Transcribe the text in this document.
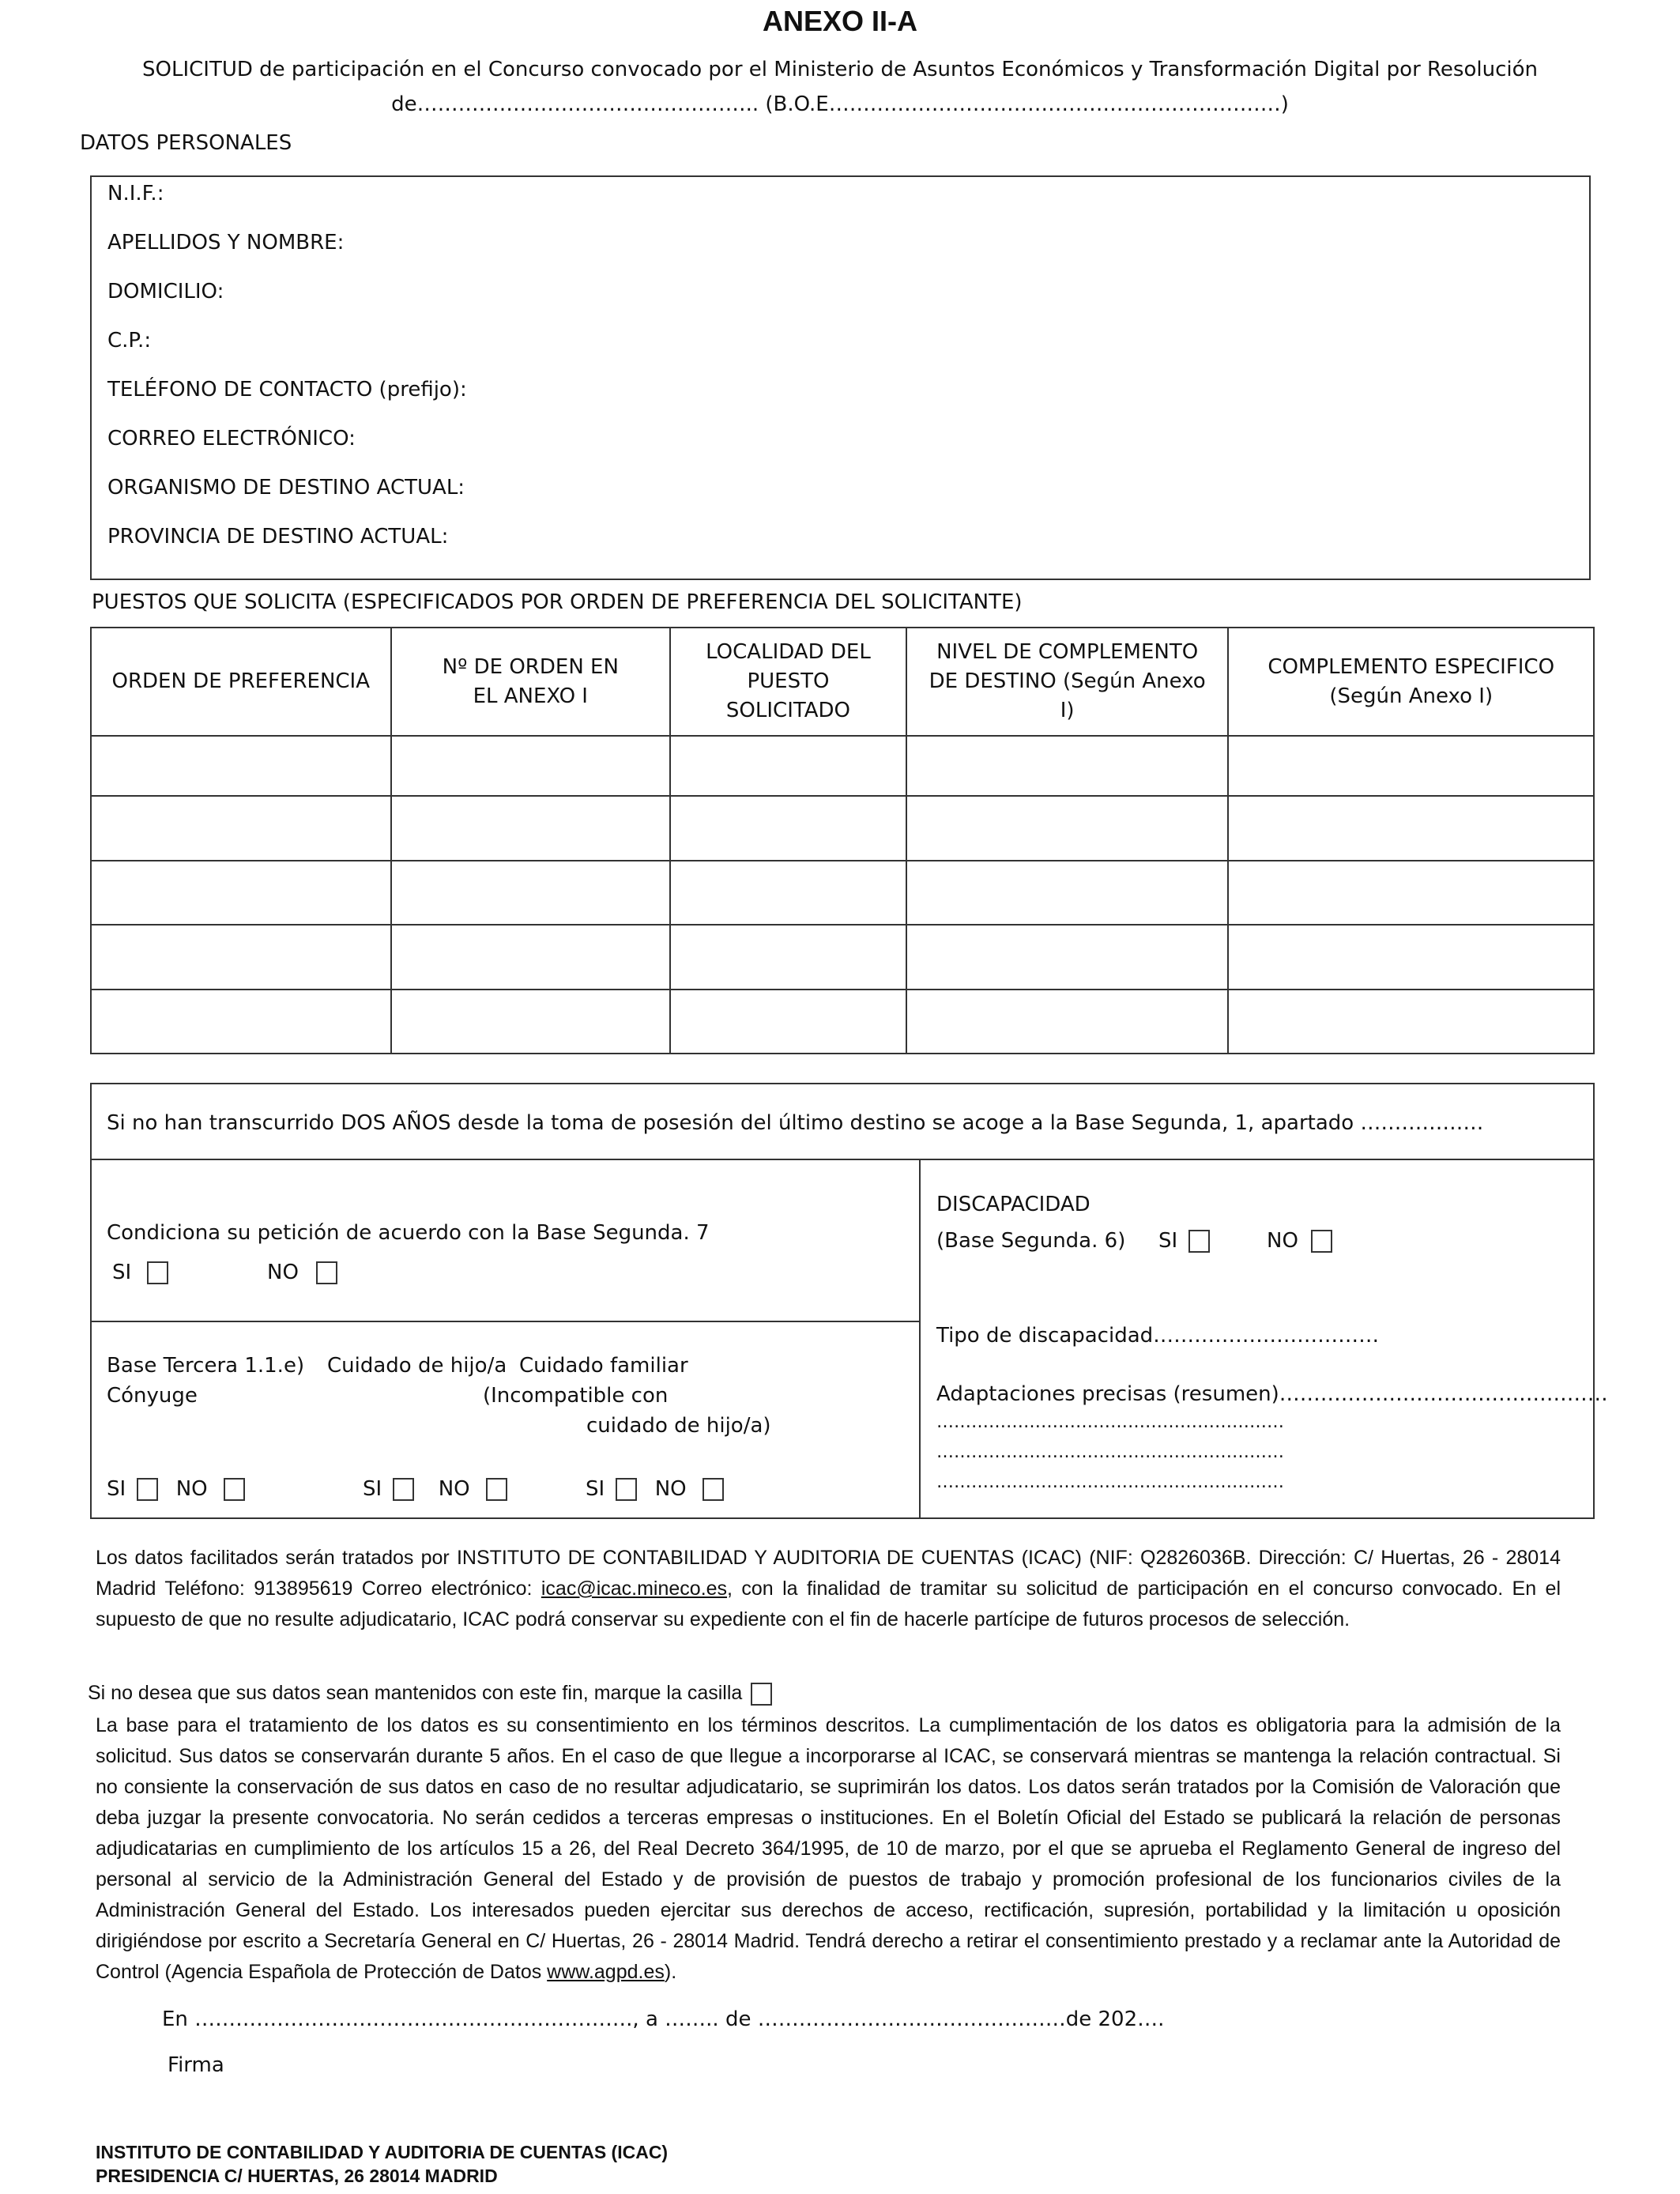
ANEXO II-A
SOLICITUD de participación en el Concurso convocado por el Ministerio de Asuntos Económicos y Transformación Digital por Resolución
de………………………………………….. (B.O.E…………………………………………………………)
DATOS PERSONALES
N.I.F.:
APELLIDOS Y NOMBRE:
DOMICILIO:
C.P.:
TELÉFONO DE CONTACTO (prefijo):
CORREO ELECTRÓNICO:
ORGANISMO DE DESTINO ACTUAL:
PROVINCIA DE DESTINO ACTUAL:
PUESTOS QUE SOLICITA (ESPECIFICADOS POR ORDEN DE PREFERENCIA DEL SOLICITANTE)
ORDEN DE PREFERENCIA	Nº DE ORDEN EN EL ANEXO I	LOCALIDAD DEL PUESTO SOLICITADO	NIVEL DE COMPLEMENTO DE DESTINO (Según Anexo I)	COMPLEMENTO ESPECIFICO (Según Anexo I)

Si no han transcurrido DOS AÑOS desde la toma de posesión del último destino se acoge a la Base Segunda, 1, apartado ………………
Condiciona su petición de acuerdo con la Base Segunda. 7
SI	NO
Base Tercera 1.1.e) Cuidado de hijo/a Cuidado familiar
Cónyuge	(Incompatible con
cuidado de hijo/a)
SI NO	SI	NO	SI NO
DISCAPACIDAD
(Base Segunda. 6) SI	NO
Tipo de discapacidad……………………………
Adaptaciones precisas (resumen)…………………………………………
……………………………………………………
……………………………………………………
……………………………………………………
Los datos facilitados serán tratados por INSTITUTO DE CONTABILIDAD Y AUDITORIA DE CUENTAS (ICAC) (NIF: Q2826036B. Dirección: C/ Huertas, 26 - 28014 Madrid Teléfono: 913895619 Correo electrónico: icac@icac.mineco.es, con la finalidad de tramitar su solicitud de participación en el concurso convocado. En el supuesto de que no resulte adjudicatario, ICAC podrá conservar su expediente con el fin de hacerle partícipe de futuros procesos de selección.
Si no desea que sus datos sean mantenidos con este fin, marque la casilla
La base para el tratamiento de los datos es su consentimiento en los términos descritos. La cumplimentación de los datos es obligatoria para la admisión de la solicitud. Sus datos se conservarán durante 5 años. En el caso de que llegue a incorporarse al ICAC, se conservará mientras se mantenga la relación contractual. Si no consiente la conservación de sus datos en caso de no resultar adjudicatario, se suprimirán los datos. Los datos serán tratados por la Comisión de Valoración que deba juzgar la presente convocatoria. No serán cedidos a terceras empresas o instituciones. En el Boletín Oficial del Estado se publicará la relación de personas adjudicatarias en cumplimiento de los artículos 15 a 26, del Real Decreto 364/1995, de 10 de marzo, por el que se aprueba el Reglamento General de ingreso del personal al servicio de la Administración General del Estado y de provisión de puestos de trabajo y promoción profesional de los funcionarios civiles de la Administración General del Estado. Los interesados pueden ejercitar sus derechos de acceso, rectificación, supresión, portabilidad y la limitación u oposición dirigiéndose por escrito a Secretaría General en C/ Huertas, 26 - 28014 Madrid. Tendrá derecho a retirar el consentimiento prestado y a reclamar ante la Autoridad de Control (Agencia Española de Protección de Datos www.agpd.es).
En ………………………………………………………., a …….. de ………………………………………de 202….
Firma
INSTITUTO DE CONTABILIDAD Y AUDITORIA DE CUENTAS (ICAC)
PRESIDENCIA C/ HUERTAS, 26 28014 MADRID
